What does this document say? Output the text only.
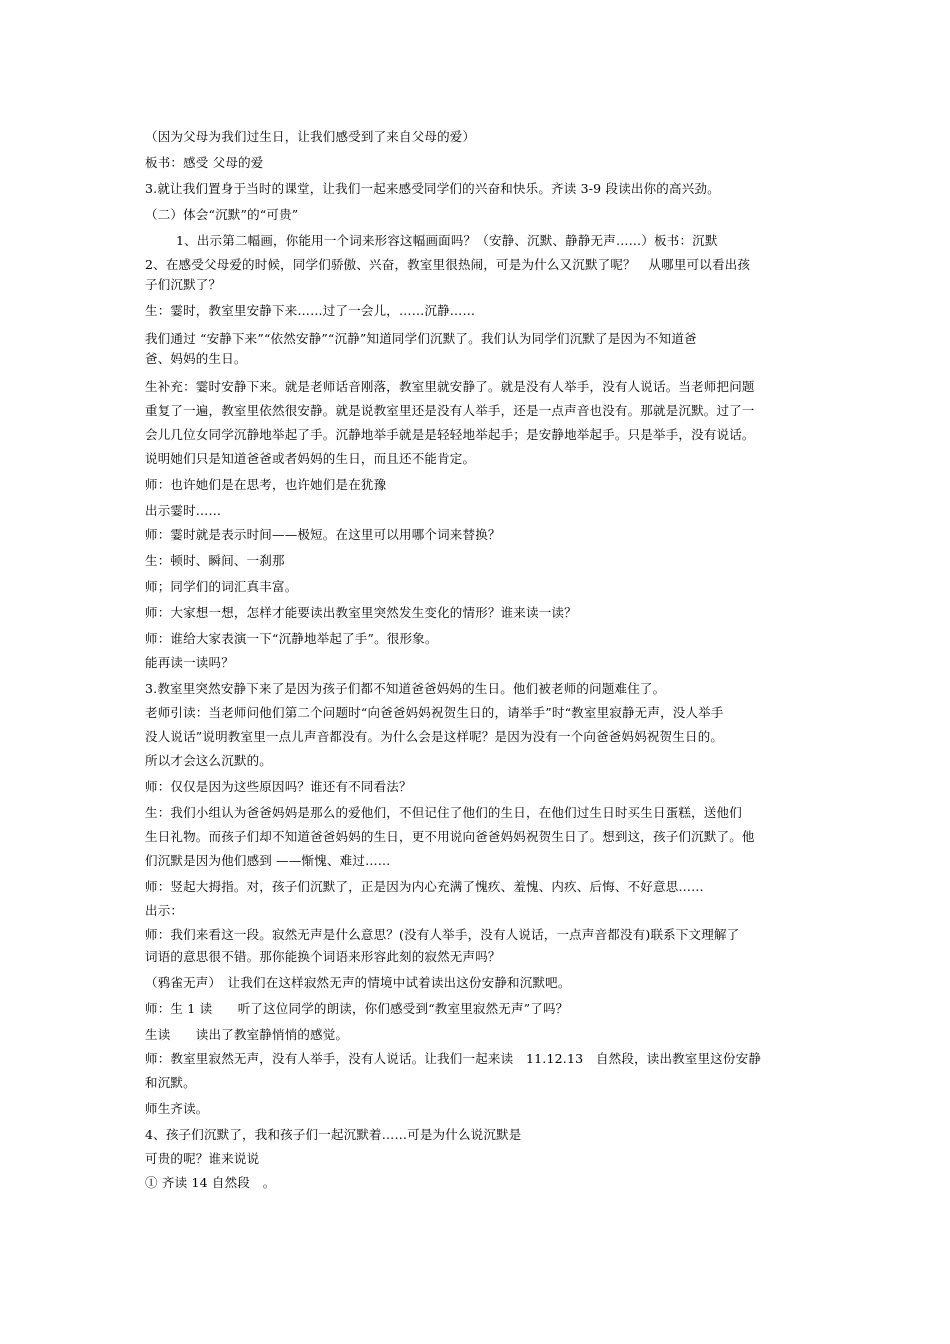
（因为父母为我们过生日，让我们感受到了来自父母的爱）
板书：感受 父母的爱
3.就让我们置身于当时的课堂，让我们一起来感受同学们的兴奋和快乐。齐读 3-9 段读出你的高兴劲。
（二）体会“沉默”的“可贵”
1、出示第二幅画，你能用一个词来形容这幅画面吗？（安静、沉默、静静无声……）板书：沉默
2、在感受父母爱的时候，同学们骄傲、兴奋，教室里很热闹，可是为什么又沉默了呢？　从哪里可以看出孩
子们沉默了？
生：霎时，教室里安静下来……过了一会儿，……沉静……
我们通过 “安静下来”“依然安静”“沉静”知道同学们沉默了。我们认为同学们沉默了是因为不知道爸
爸、妈妈的生日。
生补充：霎时安静下来。就是老师话音刚落，教室里就安静了。就是没有人举手，没有人说话。当老师把问题
重复了一遍，教室里依然很安静。就是说教室里还是没有人举手，还是一点声音也没有。那就是沉默。过了一
会儿几位女同学沉静地举起了手。沉静地举手就是是轻轻地举起手；是安静地举起手。只是举手，没有说话。
说明她们只是知道爸爸或者妈妈的生日，而且还不能肯定。
师：也许她们是在思考，也许她们是在犹豫
出示霎时……
师：霎时就是表示时间——极短。在这里可以用哪个词来替换？
生：顿时、瞬间、一刹那
师；同学们的词汇真丰富。
师：大家想一想，怎样才能要读出教室里突然发生变化的情形？谁来读一读？
师：谁给大家表演一下“沉静地举起了手”。很形象。
能再读一读吗？
3.教室里突然安静下来了是因为孩子们都不知道爸爸妈妈的生日。他们被老师的问题难住了。
老师引读：当老师问他们第二个问题时“向爸爸妈妈祝贺生日的，请举手”时“教室里寂静无声，没人举手
没人说话”说明教室里一点儿声音都没有。为什么会是这样呢？是因为没有一个向爸爸妈妈祝贺生日的。
所以才会这么沉默的。
师：仅仅是因为这些原因吗？谁还有不同看法？
生：我们小组认为爸爸妈妈是那么的爱他们，不但记住了他们的生日，在他们过生日时买生日蛋糕，送他们
生日礼物。而孩子们却不知道爸爸妈妈的生日，更不用说向爸爸妈妈祝贺生日了。想到这，孩子们沉默了。他
们沉默是因为他们感到 ——惭愧、难过……
师：竖起大拇指。对，孩子们沉默了，正是因为内心充满了愧疚、羞愧、内疚、后悔、不好意思……
出示：
师：我们来看这一段。寂然无声是什么意思？(没有人举手，没有人说话，一点声音都没有)联系下文理解了
词语的意思很不错。那你能换个词语来形容此刻的寂然无声吗？
（鸦雀无声）　让我们在这样寂然无声的情境中试着读出这份安静和沉默吧。
师：生 1 读　　听了这位同学的朗读，你们感受到“教室里寂然无声”了吗？
生读　　读出了教室静悄悄的感觉。
师：教室里寂然无声，没有人举手，没有人说话。让我们一起来读　11.12.13　自然段，读出教室里这份安静
和沉默。
师生齐读。
4、孩子们沉默了，我和孩子们一起沉默着……可是为什么说沉默是
可贵的呢？谁来说说
① 齐读 14 自然段　。
